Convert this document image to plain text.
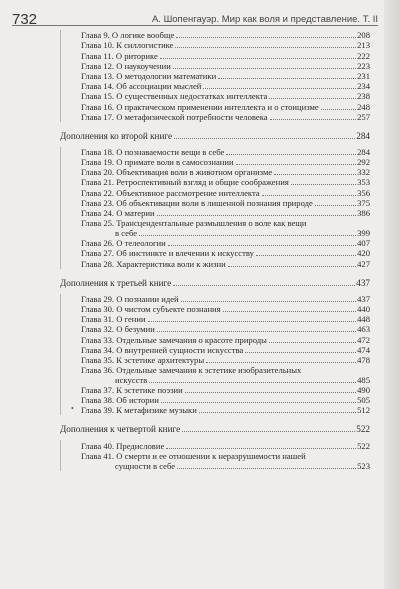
732	А. Шопенгауэр. Мир как воля и представление. Т. II
•
Глава 9. О логике вообще	208
Глава 10. К силлогистике	213
Глава 11. О риторике	222
Глава 12. О наукоучении	223
Глава 13. О методологии математики	231
Глава 14. Об ассоциации мыслей	234
Глава 15. О существенных недостатках интеллекта	238
Глава 16. О практическом применении интеллекта и о стоицизме	248
Глава 17. О метафизической потребности человека	257
Дополнения ко второй книге	284
Глава 18. О познаваемости вещи в себе	284
Глава 19. О примате воли в самосознании	292
Глава 20. Объективация воли в животном организме	332
Глава 21. Ретроспективный взгляд и общие соображения	353
Глава 22. Объективное рассмотрение интеллекта	356
Глава 23. Об объективации воли в лишенной познания природе	375
Глава 24. О материи	386
Глава 25. Трансцендентальные размышления о воле как вещи
в себе	399
Глава 26. О телеологии	407
Глава 27. Об инстинкте и влечении к искусству	420
Глава 28. Характеристика воли к жизни	427
Дополнения к третьей книге	437
Глава 29. О познании идей	437
Глава 30. О чистом субъекте познания	440
Глава 31. О гении	448
Глава 32. О безумии	463
Глава 33. Отдельные замечания о красоте природы	472
Глава 34. О внутренней сущности искусства	474
Глава 35. К эстетике архитектуры	478
Глава 36. Отдельные замечания к эстетике изобразительных
искусств	485
Глава 37. К эстетике поэзии	490
Глава 38. Об истории	505
Глава 39. К метафизике музыки	512
Дополнения к четвертой книге	522
Глава 40. Предисловие	522
Глава 41. О смерти и ее отношении к неразрушимости нашей
сущности в себе	523
